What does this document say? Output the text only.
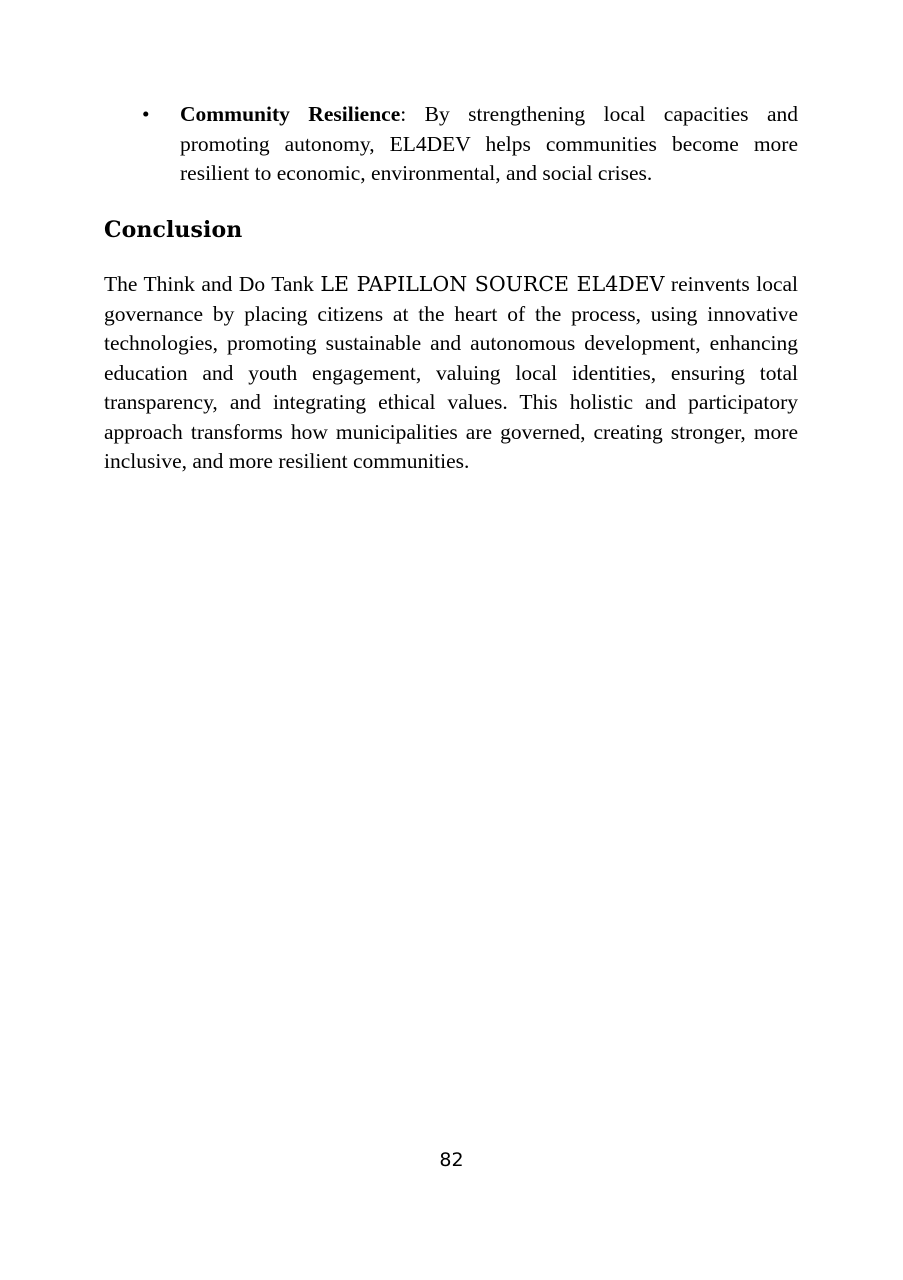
• Community Resilience: By strengthening local capacities and promoting autonomy, EL4DEV helps communities become more resilient to economic, environmental, and social crises.
Conclusion

The Think and Do Tank LE PAPILLON SOURCE EL4DEV reinvents local governance by placing citizens at the heart of the process, using innovative technologies, promoting sustainable and autonomous development, enhancing education and youth engagement, valuing local identities, ensuring total transparency, and integrating ethical values. This holistic and participatory approach transforms how municipalities are governed, creating stronger, more inclusive, and more resilient communities.

82
